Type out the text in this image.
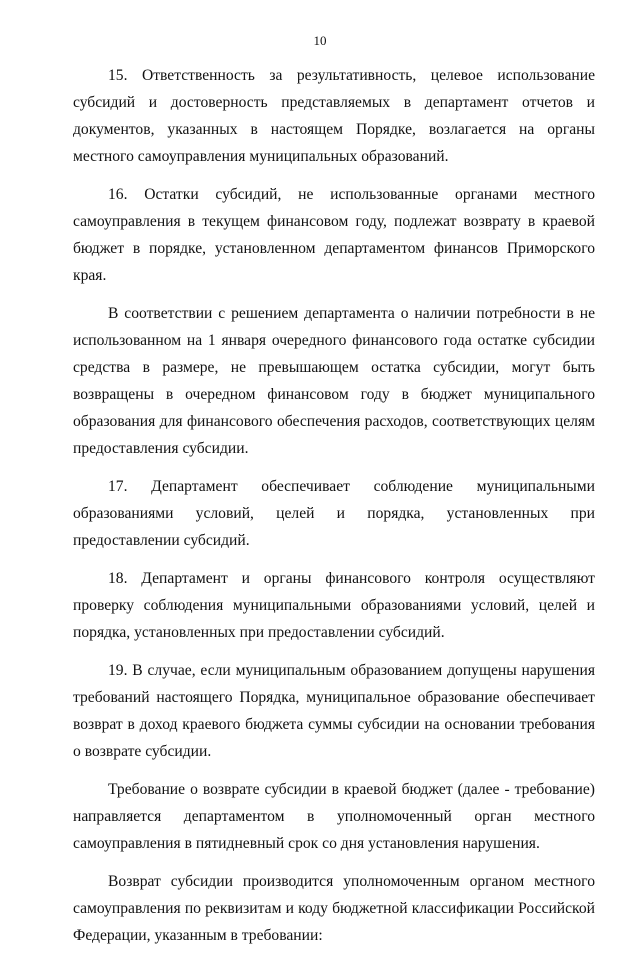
10

15. Ответственность за результативность, целевое использование субсидий и достоверность представляемых в департамент отчетов и документов, указанных в настоящем Порядке, возлагается на органы местного самоуправления муниципальных образований.

16. Остатки субсидий, не использованные органами местного самоуправления в текущем финансовом году, подлежат возврату в краевой бюджет в порядке, установленном департаментом финансов Приморского края.

В соответствии с решением департамента о наличии потребности в не использованном на 1 января очередного финансового года остатке субсидии средства в размере, не превышающем остатка субсидии, могут быть возвращены в очередном финансовом году в бюджет муниципального образования для финансового обеспечения расходов, соответствующих целям предоставления субсидии.

17. Департамент обеспечивает соблюдение муниципальными образованиями условий, целей и порядка, установленных при предоставлении субсидий.

18. Департамент и органы финансового контроля осуществляют проверку соблюдения муниципальными образованиями условий, целей и порядка, установленных при предоставлении субсидий.

19. В случае, если муниципальным образованием допущены нарушения требований настоящего Порядка, муниципальное образование обеспечивает возврат в доход краевого бюджета суммы субсидии на основании требования о возврате субсидии.

Требование о возврате субсидии в краевой бюджет (далее - требование) направляется департаментом в уполномоченный орган местного самоуправления в пятидневный срок со дня установления нарушения.

Возврат субсидии производится уполномоченным органом местного самоуправления по реквизитам и коду бюджетной классификации Российской Федерации, указанным в требовании:
